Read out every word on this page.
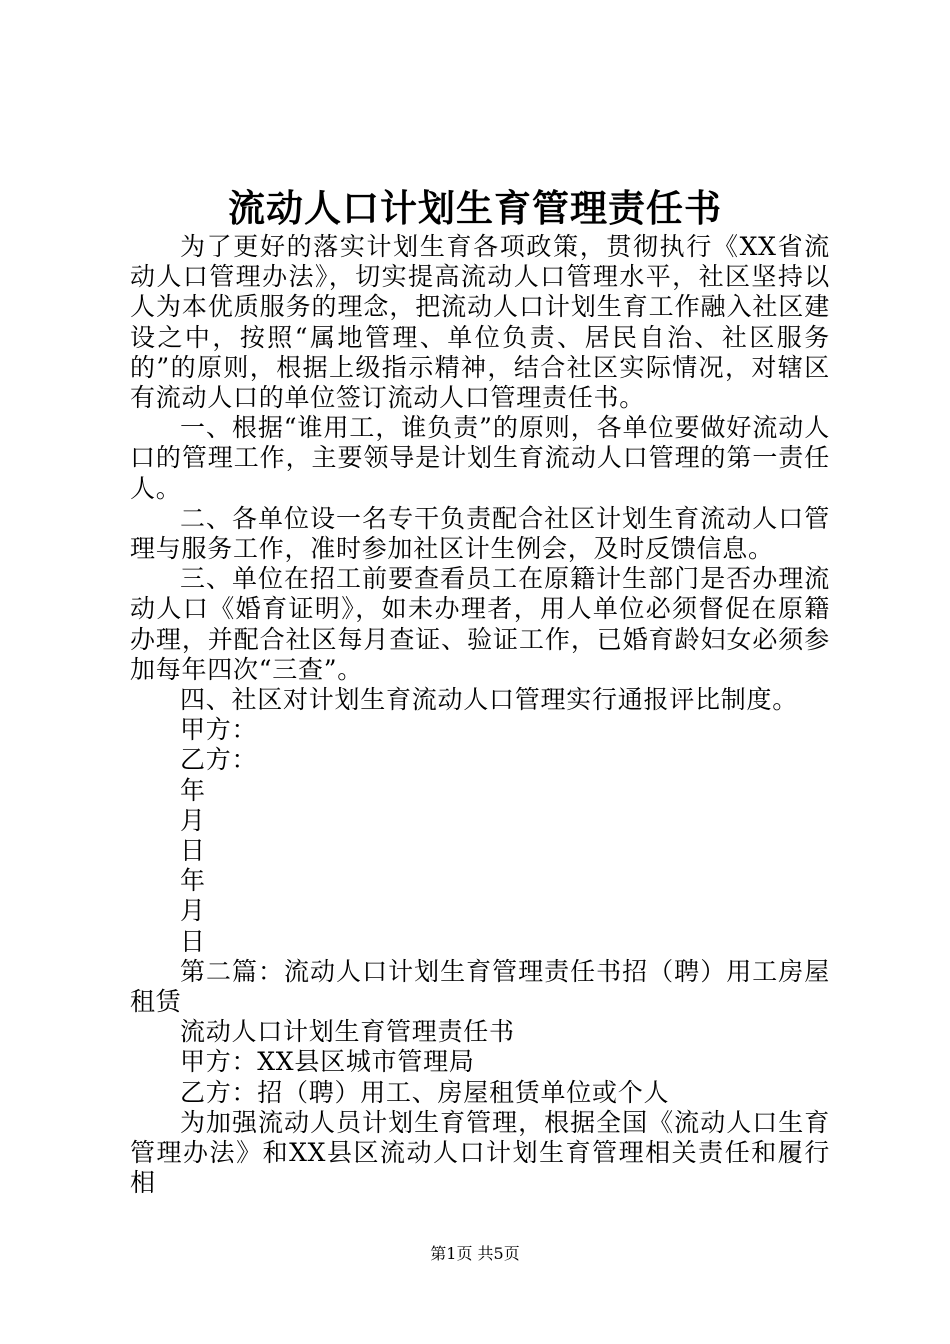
流动人口计划生育管理责任书

为了更好的落实计划生育各项政策，贯彻执行《XX省流动人口管理办法》，切实提高流动人口管理水平，社区坚持以人为本优质服务的理念，把流动人口计划生育工作融入社区建设之中，按照“属地管理、单位负责、居民自治、社区服务的”的原则，根据上级指示精神，结合社区实际情况，对辖区有流动人口的单位签订流动人口管理责任书。

一、根据“谁用工，谁负责”的原则，各单位要做好流动人口的管理工作，主要领导是计划生育流动人口管理的第一责任人。

二、各单位设一名专干负责配合社区计划生育流动人口管理与服务工作，准时参加社区计生例会，及时反馈信息。

三、单位在招工前要查看员工在原籍计生部门是否办理流动人口《婚育证明》，如未办理者，用人单位必须督促在原籍办理，并配合社区每月查证、验证工作，已婚育龄妇女必须参加每年四次“三查”。

四、社区对计划生育流动人口管理实行通报评比制度。

甲方：

乙方：

年

月

日

年

月

日

第二篇：流动人口计划生育管理责任书招（聘）用工房屋租赁

流动人口计划生育管理责任书

甲方：XX县区城市管理局

乙方：招（聘）用工、房屋租赁单位或个人

为加强流动人员计划生育管理，根据全国《流动人口生育管理办法》和XX县区流动人口计划生育管理相关责任和履行相

第1页 共5页
